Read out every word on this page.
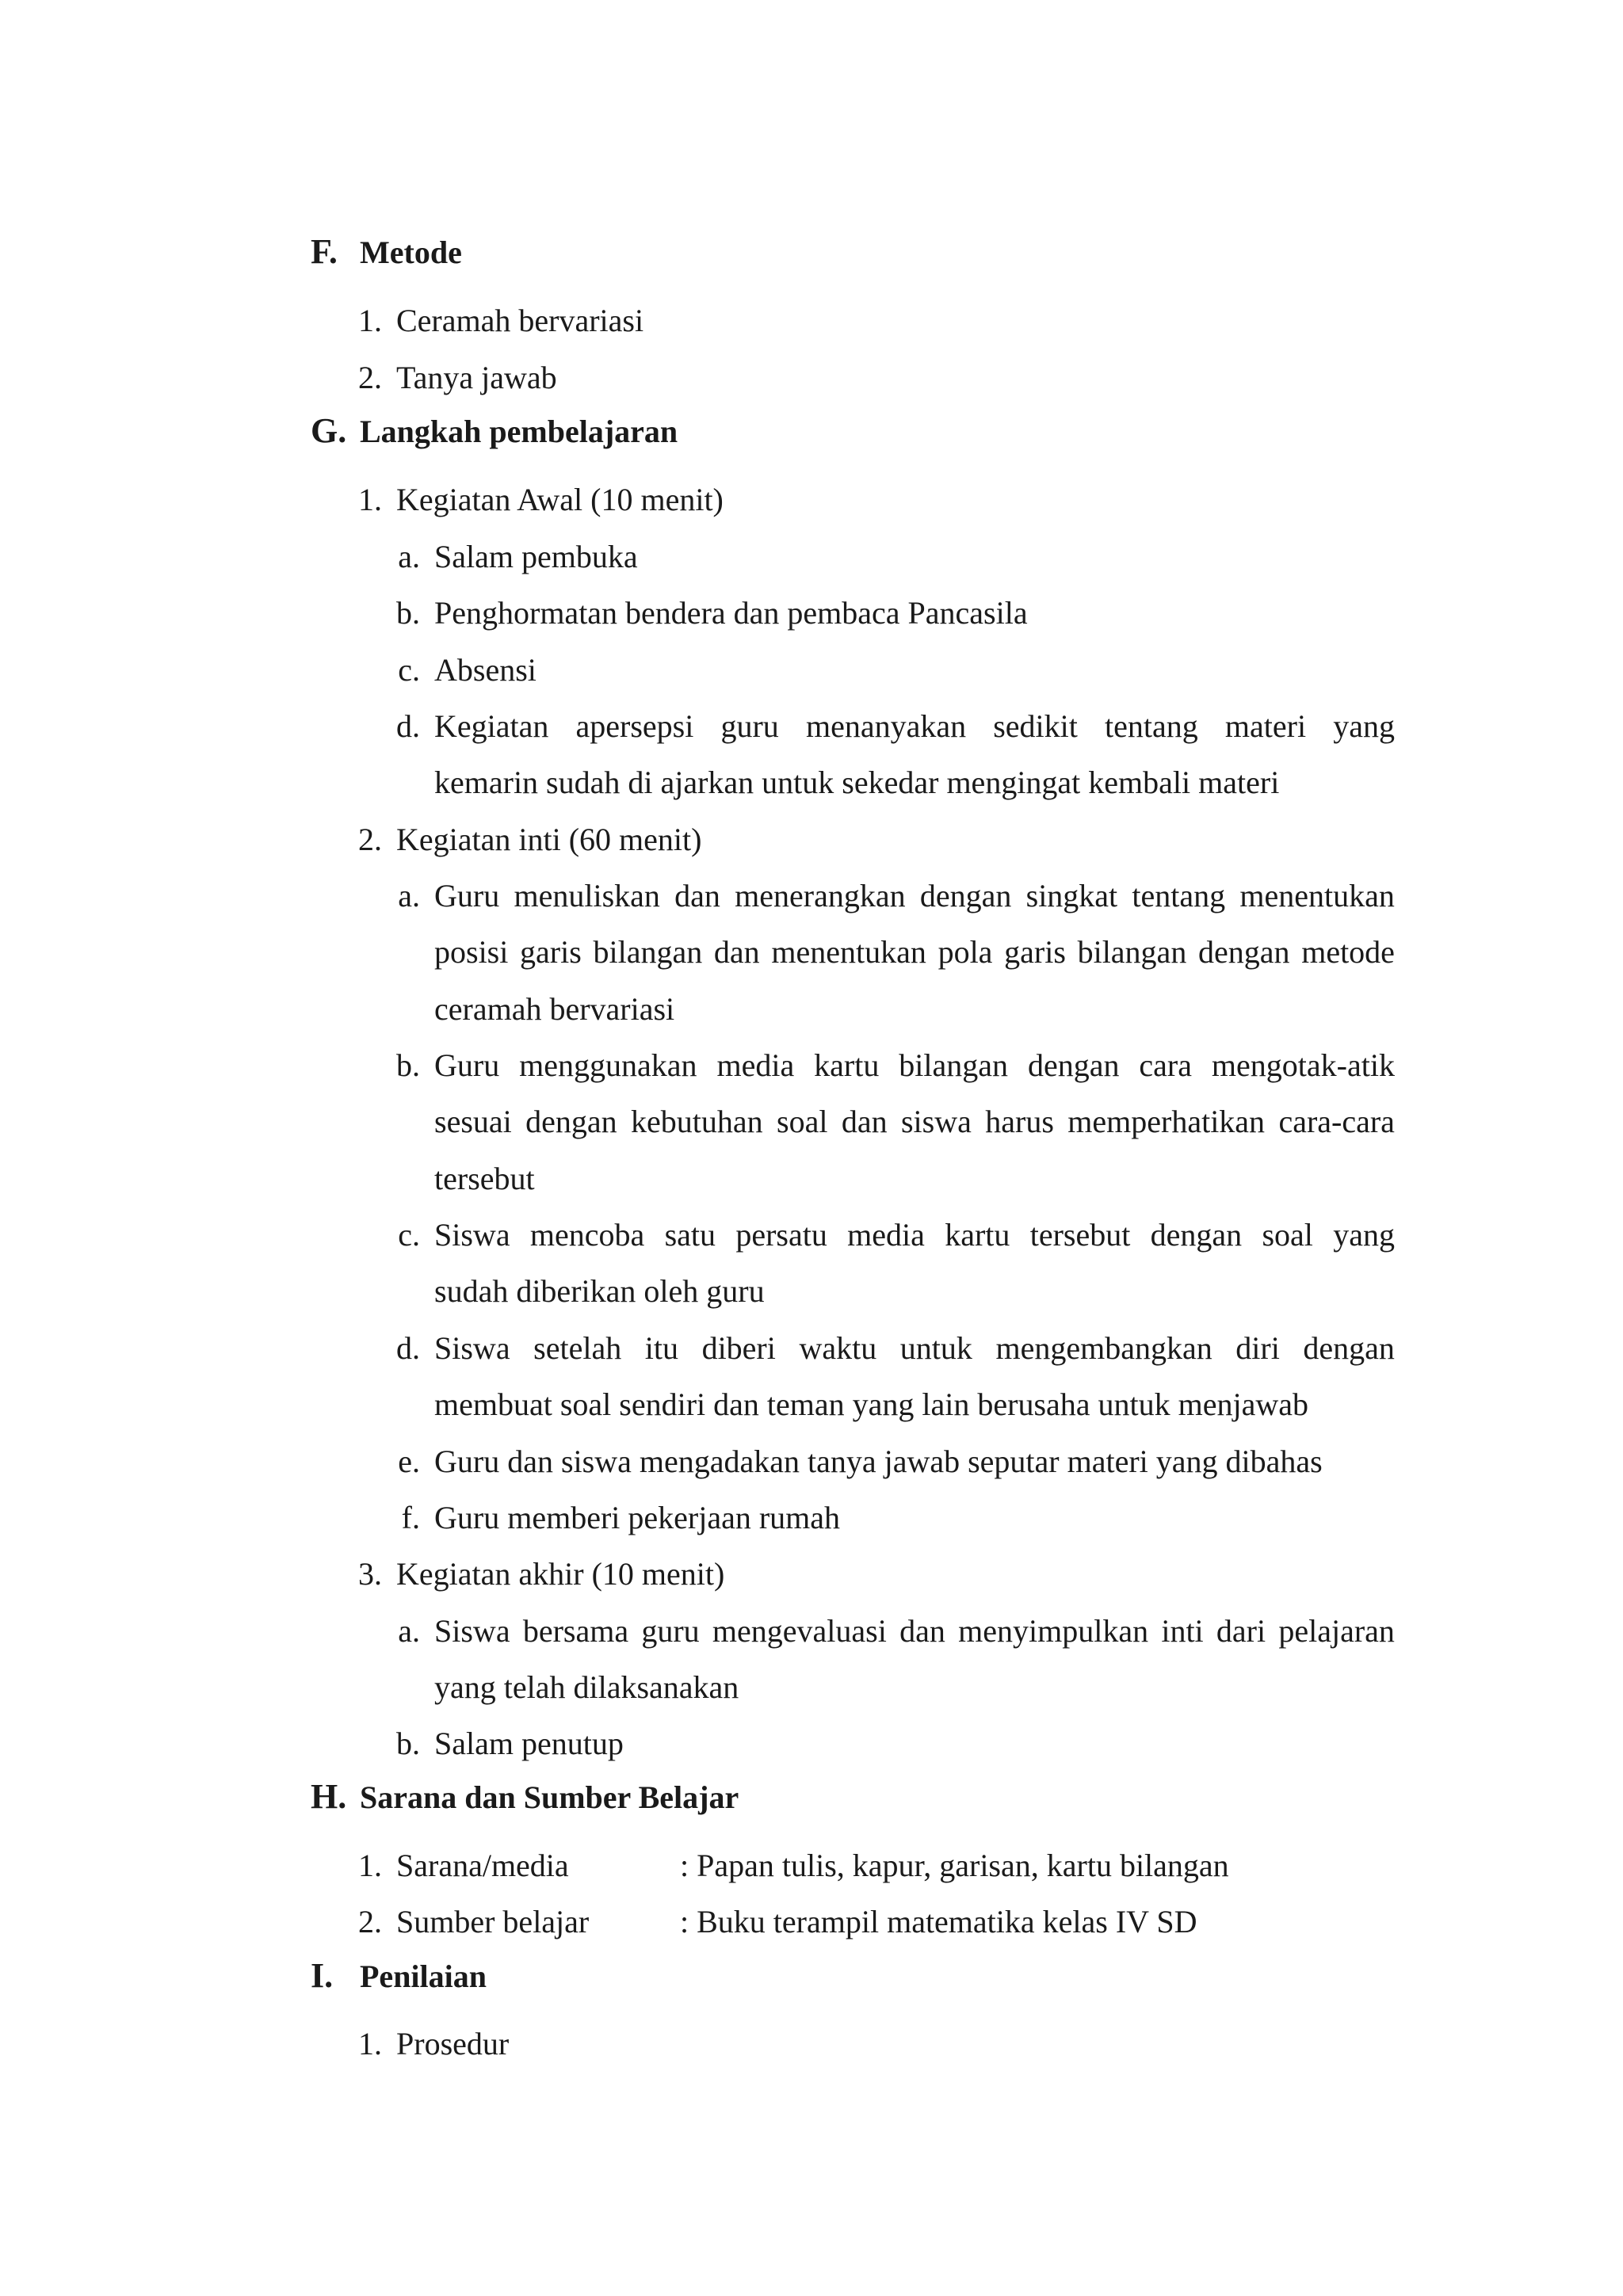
F. Metode
1. Ceramah bervariasi
2. Tanya jawab
G. Langkah pembelajaran
1. Kegiatan Awal (10 menit)
a. Salam pembuka
b. Penghormatan bendera dan pembaca Pancasila
c. Absensi
d. Kegiatan apersepsi guru menanyakan sedikit tentang materi yang
kemarin sudah di ajarkan untuk sekedar mengingat kembali materi
2. Kegiatan inti (60 menit)
a. Guru menuliskan dan menerangkan dengan singkat tentang menentukan
posisi garis bilangan dan menentukan pola garis bilangan dengan metode
ceramah bervariasi
b. Guru menggunakan media kartu bilangan dengan cara mengotak-atik
sesuai dengan kebutuhan soal dan siswa harus memperhatikan cara-cara
tersebut
c. Siswa mencoba satu persatu media kartu tersebut dengan soal yang
sudah diberikan oleh guru
d. Siswa setelah itu diberi waktu untuk mengembangkan diri dengan
membuat soal sendiri dan teman yang lain berusaha untuk menjawab
e. Guru dan siswa mengadakan tanya jawab seputar materi yang dibahas
f. Guru memberi pekerjaan rumah
3. Kegiatan akhir (10 menit)
a. Siswa bersama guru mengevaluasi dan menyimpulkan inti dari pelajaran
yang telah dilaksanakan
b. Salam penutup
H. Sarana dan Sumber Belajar
1. Sarana/media	: Papan tulis, kapur, garisan, kartu bilangan
2. Sumber belajar	: Buku terampil matematika kelas IV SD
I. Penilaian
1. Prosedur
